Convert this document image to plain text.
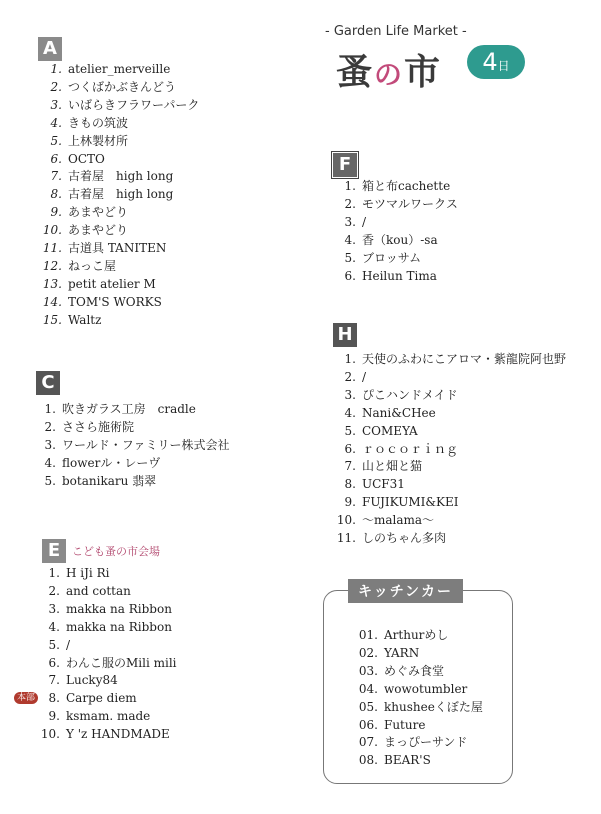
- Garden Life Market -
蚤の市	4日
A
1. atelier_merveille
2. つくばかぶきんどう
3. いばらきフラワーパーク
4. きもの筑波
5. 上林製材所
6. OCTO
7. 古着屋　high long
8. 古着屋　high long
9. あまやどり
10. あまやどり
11. 古道具 TANITEN
12. ねっこ屋
13. petit atelier M
14. TOM'S WORKS
15. Waltz
C
1. 吹きガラス工房　cradle
2. ささら施術院
3. ワールド・ファミリー株式会社
4. flowerル・レーヴ
5. botanikaru 翡翠
E こども蚤の市会場
本部
1. H iJi Ri
2. and cottan
3. makka na Ribbon
4. makka na Ribbon
5. /
6. わんこ服のMili mili
7. Lucky84
8. Carpe diem
9. ksmam. made
10. Y 'z HANDMADE
F
1. 箱と布cachette
2. モツマルワークス
3. /
4. 香（kou）-sa
5. ブロッサム
6. Heilun Tima
H
1. 天使のふわにこアロマ・紫龍院阿也野
2. /
3. ぴこハンドメイド
4. Nani&CHee
5. COMEYA
6. ｒｏｃｏｒｉｎｇ
7. 山と畑と猫
8. UCF31
9. FUJIKUMI&KEI
10. 〜malama〜
11. しのちゃん多肉
キッチンカー
01. Arthurめし
02. YARN
03. めぐみ食堂
04. wowotumbler
05. khusheeくぼた屋
06. Future
07. まっぴーサンド
08. BEAR'S
